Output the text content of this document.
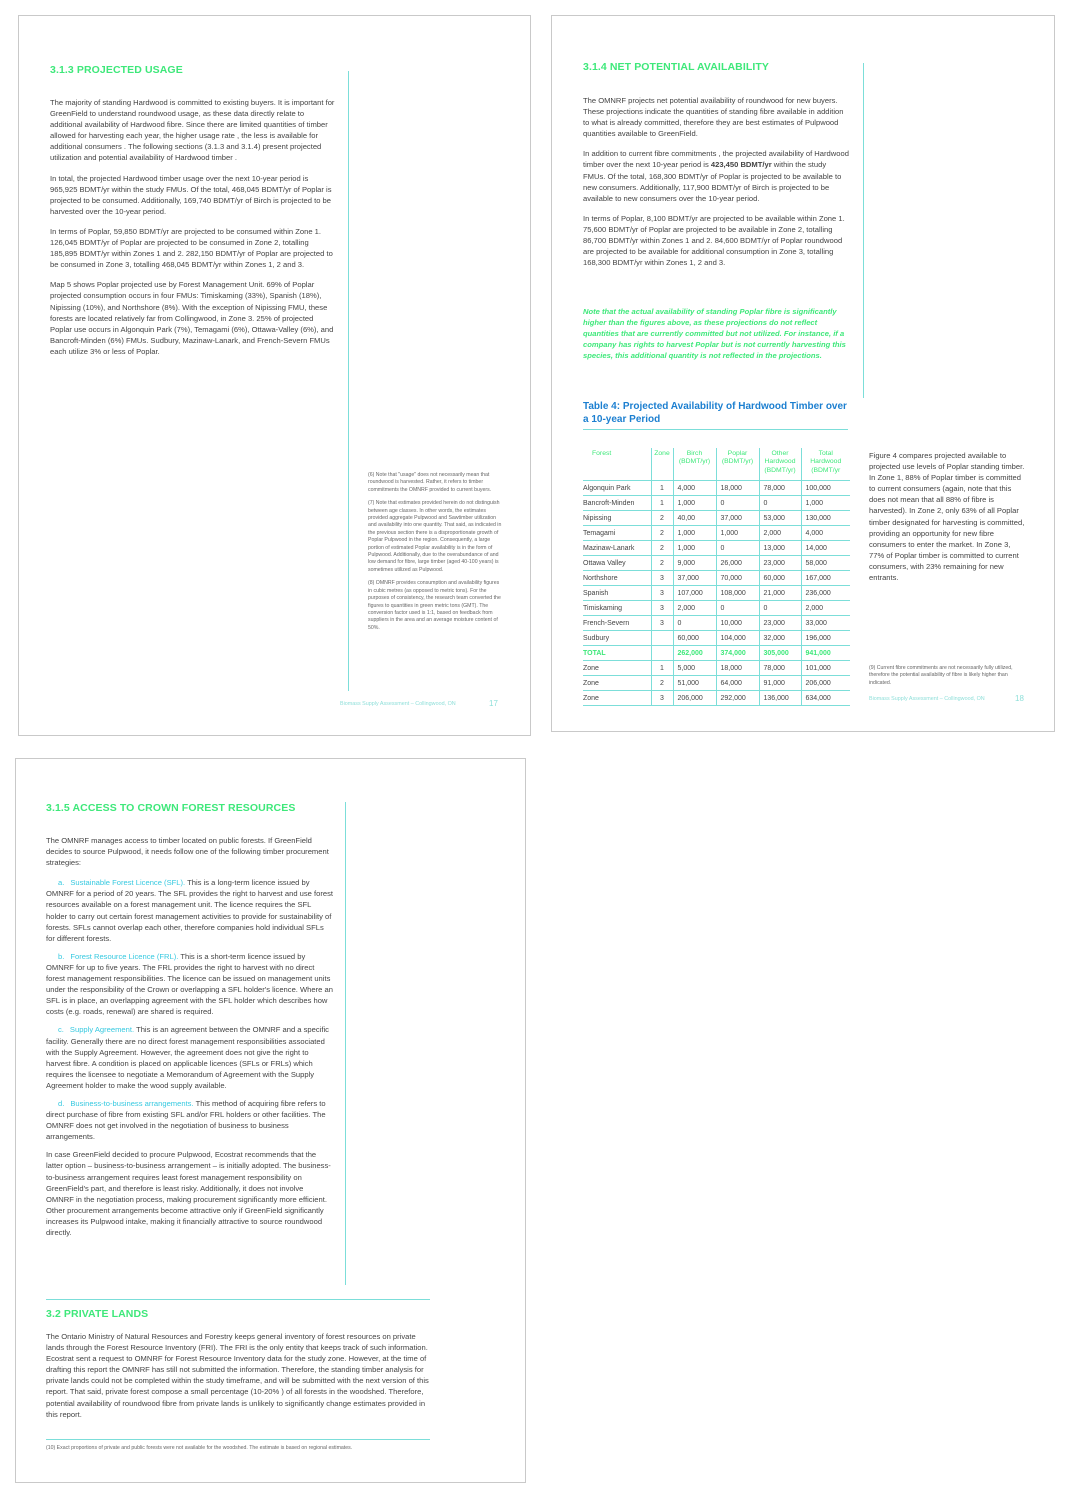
3.1.3 PROJECTED USAGE

The majority of standing Hardwood is committed to existing buyers. It is important for GreenField to understand roundwood usage, as these data directly relate to additional availability of Hardwood fibre. Since there are limited quantities of timber allowed for harvesting each year, the higher usage rate , the less is available for additional consumers . The following sections (3.1.3 and 3.1.4) present projected utilization and potential availability of Hardwood timber .

In total, the projected Hardwood timber usage over the next 10-year period is 965,925 BDMT/yr within the study FMUs. Of the total, 468,045 BDMT/yr of Poplar is projected to be consumed. Additionally, 169,740 BDMT/yr of Birch is projected to be harvested over the 10-year period.

In terms of Poplar, 59,850 BDMT/yr are projected to be consumed within Zone 1. 126,045 BDMT/yr of Poplar are projected to be consumed in Zone 2, totalling 185,895 BDMT/yr within Zones 1 and 2. 282,150 BDMT/yr of Poplar are projected to be consumed in Zone 3, totalling 468,045 BDMT/yr within Zones 1, 2 and 3.

Map 5 shows Poplar projected use by Forest Management Unit. 69% of Poplar projected consumption occurs in four FMUs: Timiskaming (33%), Spanish (18%), Nipissing (10%), and Northshore (8%). With the exception of Nipissing FMU, these forests are located relatively far from Collingwood, in Zone 3. 25% of projected Poplar use occurs in Algonquin Park (7%), Temagami (6%), Ottawa-Valley (6%), and Bancroft-Minden (6%) FMUs. Sudbury, Mazinaw-Lanark, and French-Severn FMUs each utilize 3% or less of Poplar.

(6) Note that "usage" does not necessarily mean that roundwood is harvested. Rather, it refers to timber commitments the OMNRF provided to current buyers.

(7) Note that estimates provided herein do not distinguish between age classes. In other words, the estimates provided aggregate Pulpwood and Sawtimber utilization and availability into one quantity. That said, as indicated in the previous section there is a disproportionate growth of Poplar Pulpwood in the region. Consequently, a large portion of estimated Poplar availability is in the form of Pulpwood. Additionally, due to the overabundance of and low demand for fibre, large timber (aged 40-100 years) is sometimes utilized as Pulpwood.

(8) OMNRF provides consumption and availability figures in cubic metres (as opposed to metric tons). For the purposes of consistency, the research team converted the figures to quantities in green metric tons (GMT). The conversion factor used is 1:1, based on feedback from suppliers in the area and an average moisture content of 50%.

Biomass Supply Assessment – Collingwood, ON	17
3.1.4 NET POTENTIAL AVAILABILITY

The OMNRF projects net potential availability of roundwood for new buyers. These projections indicate the quantities of standing fibre available in addition to what is already committed, therefore they are best estimates of Pulpwood quantities available to GreenField.

In addition to current fibre commitments , the projected availability of Hardwood timber over the next 10-year period is 423,450 BDMT/yr within the study FMUs. Of the total, 168,300 BDMT/yr of Poplar is projected to be available to new consumers. Additionally, 117,900 BDMT/yr of Birch is projected to be available to new consumers over the 10-year period.

In terms of Poplar, 8,100 BDMT/yr are projected to be available within Zone 1. 75,600 BDMT/yr of Poplar are projected to be available in Zone 2, totalling 86,700 BDMT/yr within Zones 1 and 2. 84,600 BDMT/yr of Poplar roundwood are projected to be available for additional consumption in Zone 3, totalling 168,300 BDMT/yr within Zones 1, 2 and 3.

Note that the actual availability of standing Poplar fibre is significantly higher than the figures above, as these projections do not reflect quantities that are currently committed but not utilized. For instance, if a company has rights to harvest Poplar but is not currently harvesting this species, this additional quantity is not reflected in the projections.
Table 4: Projected Availability of Hardwood Timber over a 10-year Period
Forest	Zone	Birch (BDMT/yr)	Poplar (BDMT/yr)	Other Hardwood (BDMT/yr)	Total Hardwood (BDMT/yr
Algonquin Park	1	4,000	18,000	78,000	100,000
Bancroft-Minden	1	1,000	0	0	1,000
Nipissing	2	40,00	37,000	53,000	130,000
Temagami	2	1,000	1,000	2,000	4,000
Mazinaw-Lanark	2	1,000	0	13,000	14,000
Ottawa Valley	2	9,000	26,000	23,000	58,000
Northshore	3	37,000	70,000	60,000	167,000
Spanish	3	107,000	108,000	21,000	236,000
Timiskaming	3	2,000	0	0	2,000
French-Severn	3	0	10,000	23,000	33,000
Sudbury		60,000	104,000	32,000	196,000
TOTAL		262,000	374,000	305,000	941,000
Zone	1	5,000	18,000	78,000	101,000
Zone	2	51,000	64,000	91,000	206,000
Zone	3	206,000	292,000	136,000	634,000
Figure 4 compares projected available to projected use levels of Poplar standing timber. In Zone 1, 88% of Poplar timber is committed to current consumers (again, note that this does not mean that all 88% of fibre is harvested). In Zone 2, only 63% of all Poplar timber designated for harvesting is committed, providing an opportunity for new fibre consumers to enter the market. In Zone 3, 77% of Poplar timber is committed to current consumers, with 23% remaining for new entrants.
(9) Current fibre commitments are not necessarily fully utilized, therefore the potential availability of fibre is likely higher than indicated.
Biomass Supply Assessment – Collingwood, ON	18
3.1.5 ACCESS TO CROWN FOREST RESOURCES

The OMNRF manages access to timber located on public forests. If GreenField decides to source Pulpwood, it needs follow one of the following timber procurement strategies:

a. Sustainable Forest Licence (SFL). This is a long-term licence issued by OMNRF for a period of 20 years. The SFL provides the right to harvest and use forest resources available on a forest management unit. The licence requires the SFL holder to carry out certain forest management activities to provide for sustainability of forests. SFLs cannot overlap each other, therefore companies hold individual SFLs for different forests.
b. Forest Resource Licence (FRL). This is a short-term licence issued by OMNRF for up to five years. The FRL provides the right to harvest with no direct forest management responsibilities. The licence can be issued on management units under the responsibility of the Crown or overlapping a SFL holder's licence. Where an SFL is in place, an overlapping agreement with the SFL holder which describes how costs (e.g. roads, renewal) are shared is required.
c. Supply Agreement. This is an agreement between the OMNRF and a specific facility. Generally there are no direct forest management responsibilities associated with the Supply Agreement. However, the agreement does not give the right to harvest fibre. A condition is placed on applicable licences (SFLs or FRLs) which requires the licensee to negotiate a Memorandum of Agreement with the Supply Agreement holder to make the wood supply available.
d. Business-to-business arrangements. This method of acquiring fibre refers to direct purchase of fibre from existing SFL and/or FRL holders or other facilities. The OMNRF does not get involved in the negotiation of business to business arrangements.

In case GreenField decided to procure Pulpwood, Ecostrat recommends that the latter option – business-to-business arrangement – is initially adopted. The business-to-business arrangement requires least forest management responsibility on GreenField's part, and therefore is least risky. Additionally, it does not involve OMNRF in the negotiation process, making procurement significantly more efficient. Other procurement arrangements become attractive only if GreenField significantly increases its Pulpwood intake, making it financially attractive to source roundwood directly.

3.2 PRIVATE LANDS
The Ontario Ministry of Natural Resources and Forestry keeps general inventory of forest resources on private lands through the Forest Resource Inventory (FRI). The FRI is the only entity that keeps track of such information. Ecostrat sent a request to OMNRF for Forest Resource Inventory data for the study zone. However, at the time of drafting this report the OMNRF has still not submitted the information. Therefore, the standing timber analysis for private lands could not be completed within the study timeframe, and will be submitted with the next version of this report. That said, private forest compose a small percentage (10-20% ) of all forests in the woodshed. Therefore, potential availability of roundwood fibre from private lands is unlikely to significantly change estimates provided in this report.
(10) Exact proportions of private and public forests were not available for the woodshed. The estimate is based on regional estimates.
